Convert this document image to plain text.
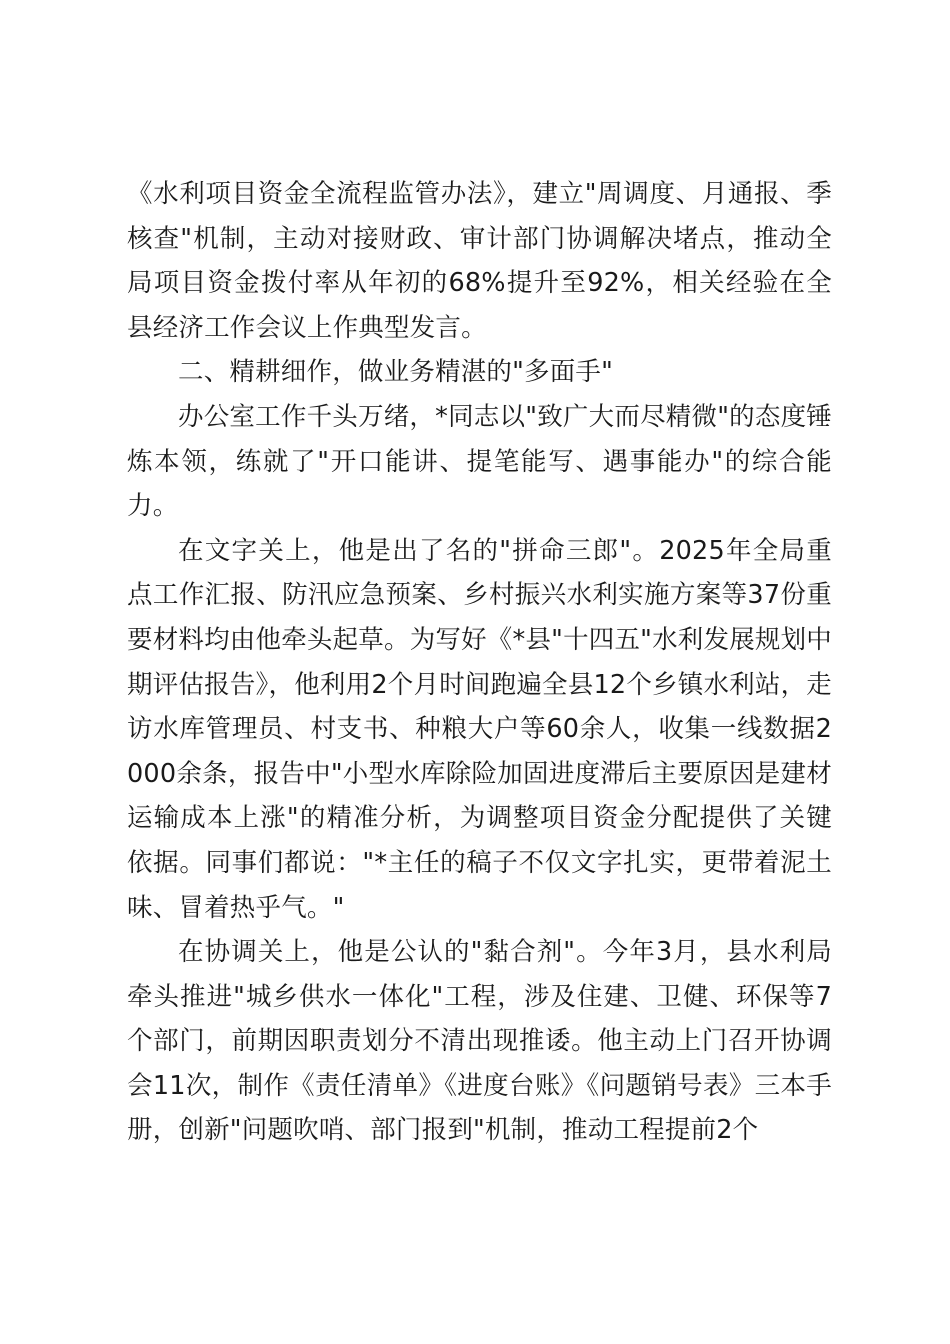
《水利项目资金全流程监管办法》，建立"周调度、月通报、季核查"机制，主动对接财政、审计部门协调解决堵点，推动全局项目资金拨付率从年初的68%提升至92%，相关经验在全县经济工作会议上作典型发言。

二、精耕细作，做业务精湛的"多面手"

办公室工作千头万绪，*同志以"致广大而尽精微"的态度锤炼本领，练就了"开口能讲、提笔能写、遇事能办"的综合能力。

在文字关上，他是出了名的"拼命三郎"。2025年全局重点工作汇报、防汛应急预案、乡村振兴水利实施方案等37份重要材料均由他牵头起草。为写好《*县"十四五"水利发展规划中期评估报告》，他利用2个月时间跑遍全县12个乡镇水利站，走访水库管理员、村支书、种粮大户等60余人，收集一线数据2000余条，报告中"小型水库除险加固进度滞后主要原因是建材运输成本上涨"的精准分析，为调整项目资金分配提供了关键依据。同事们都说："*主任的稿子不仅文字扎实，更带着泥土味、冒着热乎气。"

在协调关上，他是公认的"黏合剂"。今年3月，县水利局牵头推进"城乡供水一体化"工程，涉及住建、卫健、环保等7个部门，前期因职责划分不清出现推诿。他主动上门召开协调会11次，制作《责任清单》《进度台账》《问题销号表》三本手册，创新"问题吹哨、部门报到"机制，推动工程提前2个
